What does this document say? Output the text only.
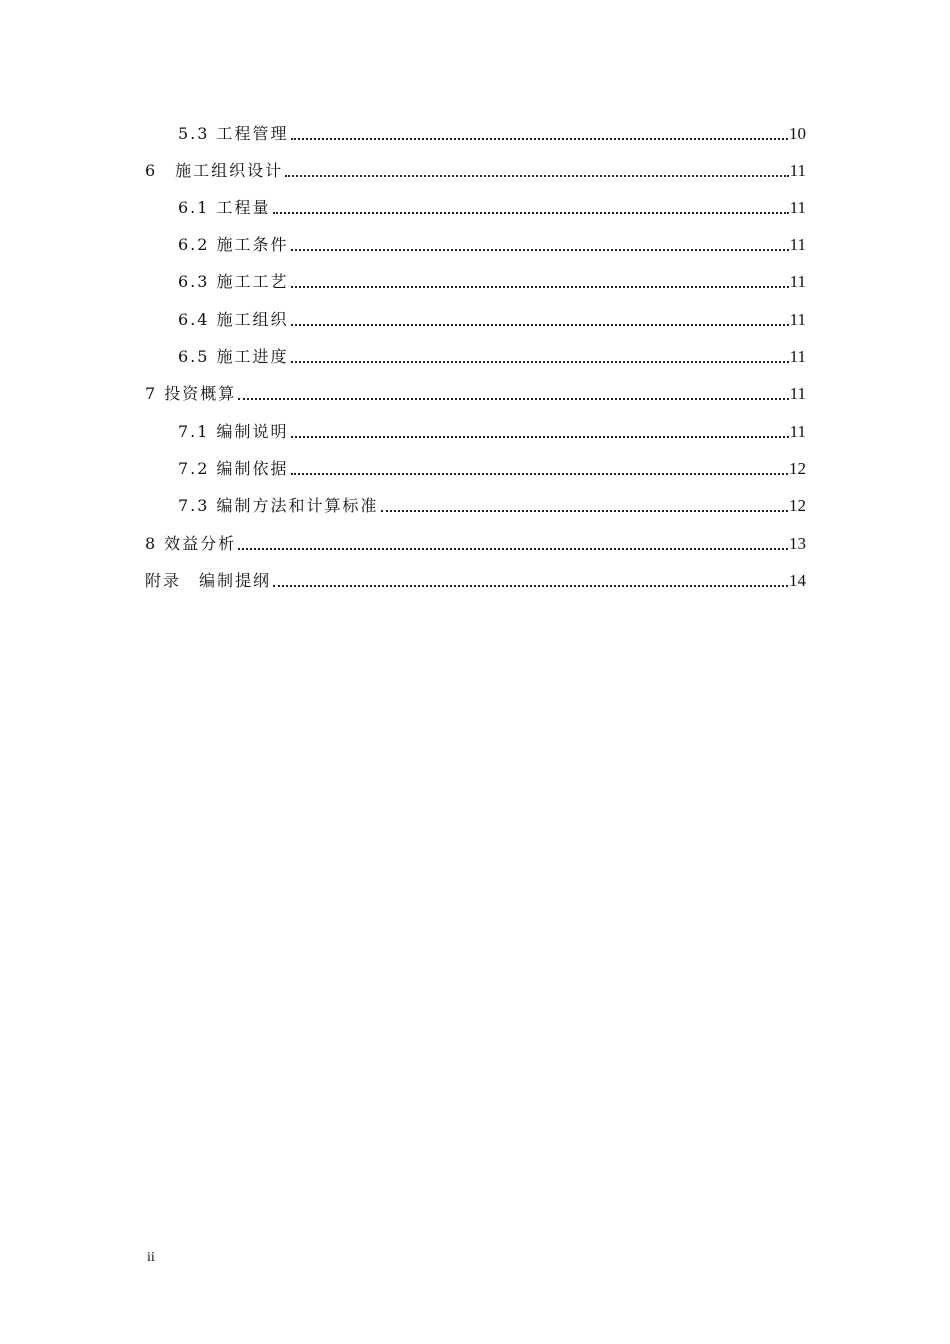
5.3 工程管理	10
6　施工组织设计	11
6.1 工程量	11
6.2 施工条件	11
6.3 施工工艺	11
6.4 施工组织	11
6.5 施工进度	11
7 投资概算	11
7.1 编制说明	11
7.2 编制依据	12
7.3 编制方法和计算标准	12
8 效益分析	13
附录　编制提纲	14
ii
